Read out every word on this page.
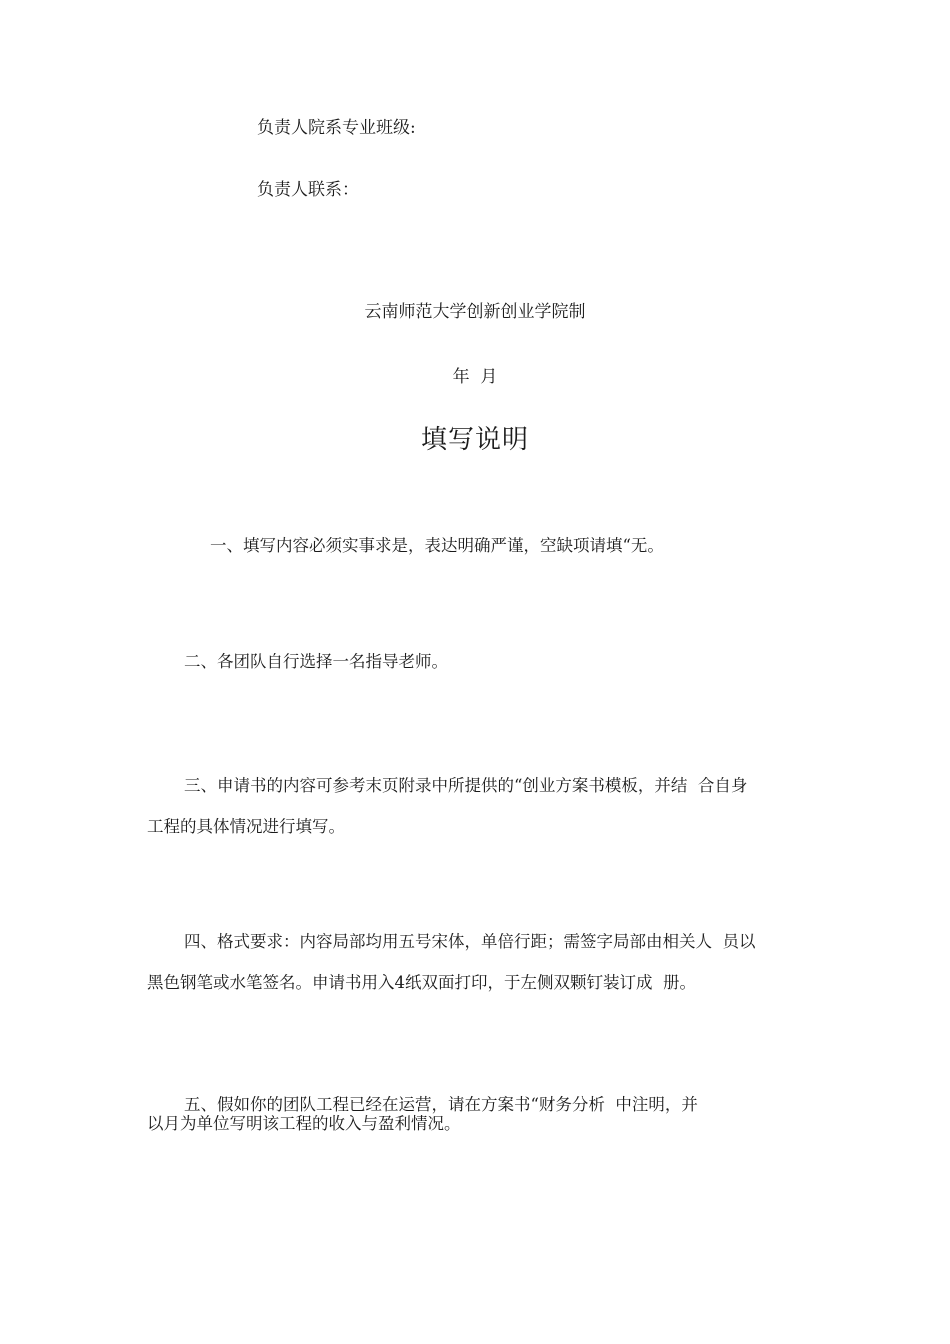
负责人院系专业班级:
负责人联系：
云南师范大学创新创业学院制
年  月
填写说明
一、填写内容必须实事求是，表达明确严谨，空缺项请填“无。
二、各团队自行选择一名指导老师。
三、申请书的内容可参考末页附录中所提供的“创业方案书模板，并结  合自身
工程的具体情况进行填写。
四、格式要求：内容局部均用五号宋体，单倍行距；需签字局部由相关人  员以
黑色钢笔或水笔签名。申请书用入4纸双面打印，于左侧双颗钉装订成  册。
五、假如你的团队工程已经在运营，请在方案书“财务分析  中注明，并
以月为单位写明该工程的收入与盈利情况。
